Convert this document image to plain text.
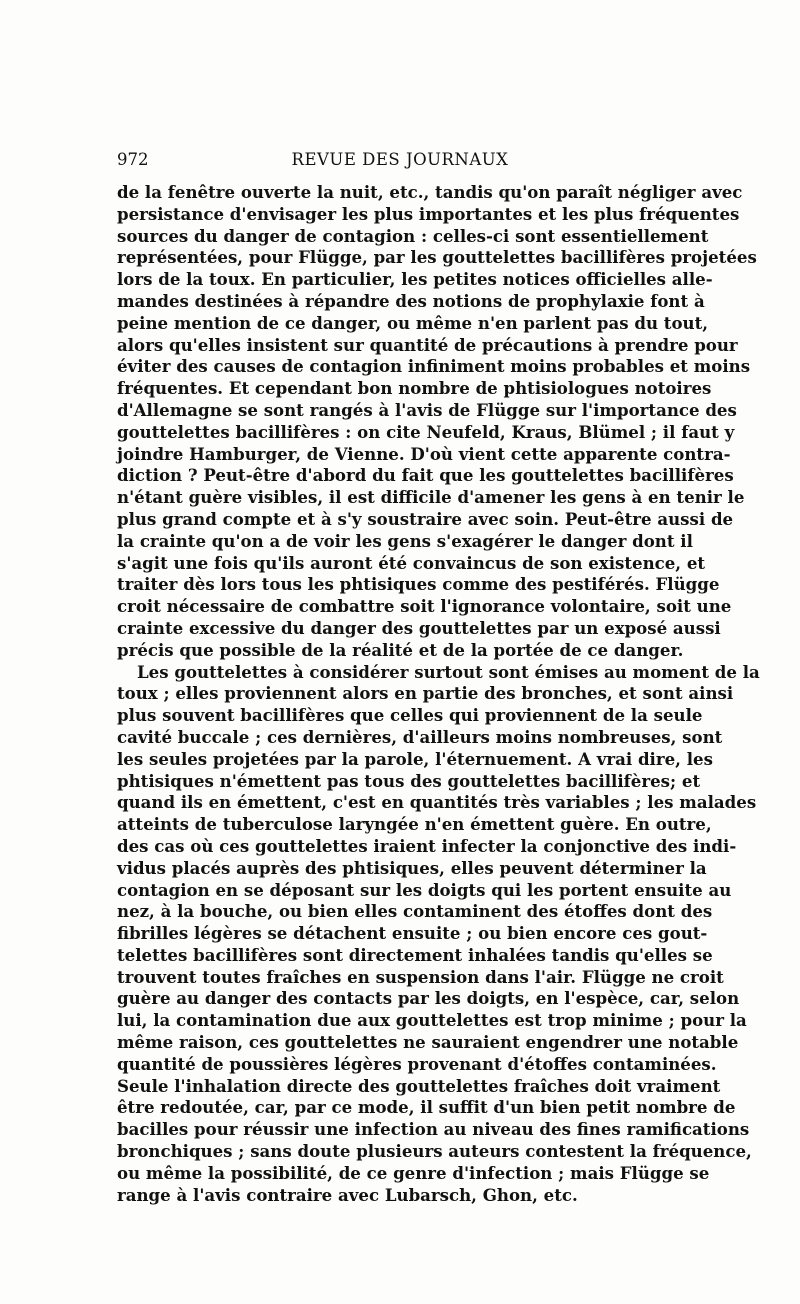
972	REVUE DES JOURNAUX
de la fenêtre ouverte la nuit, etc., tandis qu'on paraît négliger avec
persistance d'envisager les plus importantes et les plus fréquentes
sources du danger de contagion : celles-ci sont essentiellement
représentées, pour Flügge, par les gouttelettes bacillifères projetées
lors de la toux. En particulier, les petites notices officielles alle-
mandes destinées à répandre des notions de prophylaxie font à
peine mention de ce danger, ou même n'en parlent pas du tout,
alors qu'elles insistent sur quantité de précautions à prendre pour
éviter des causes de contagion infiniment moins probables et moins
fréquentes. Et cependant bon nombre de phtisiologues notoires
d'Allemagne se sont rangés à l'avis de Flügge sur l'importance des
gouttelettes bacillifères : on cite Neufeld, Kraus, Blümel ; il faut y
joindre Hamburger, de Vienne. D'où vient cette apparente contra-
diction ? Peut-être d'abord du fait que les gouttelettes bacillifères
n'étant guère visibles, il est difficile d'amener les gens à en tenir le
plus grand compte et à s'y soustraire avec soin. Peut-être aussi de
la crainte qu'on a de voir les gens s'exagérer le danger dont il
s'agit une fois qu'ils auront été convaincus de son existence, et
traiter dès lors tous les phtisiques comme des pestiférés. Flügge
croit nécessaire de combattre soit l'ignorance volontaire, soit une
crainte excessive du danger des gouttelettes par un exposé aussi
précis que possible de la réalité et de la portée de ce danger.
Les gouttelettes à considérer surtout sont émises au moment de la
toux ; elles proviennent alors en partie des bronches, et sont ainsi
plus souvent bacillifères que celles qui proviennent de la seule
cavité buccale ; ces dernières, d'ailleurs moins nombreuses, sont
les seules projetées par la parole, l'éternuement. A vrai dire, les
phtisiques n'émettent pas tous des gouttelettes bacillifères; et
quand ils en émettent, c'est en quantités très variables ; les malades
atteints de tuberculose laryngée n'en émettent guère. En outre,
des cas où ces gouttelettes iraient infecter la conjonctive des indi-
vidus placés auprès des phtisiques, elles peuvent déterminer la
contagion en se déposant sur les doigts qui les portent ensuite au
nez, à la bouche, ou bien elles contaminent des étoffes dont des
fibrilles légères se détachent ensuite ; ou bien encore ces gout-
telettes bacillifères sont directement inhalées tandis qu'elles se
trouvent toutes fraîches en suspension dans l'air. Flügge ne croit
guère au danger des contacts par les doigts, en l'espèce, car, selon
lui, la contamination due aux gouttelettes est trop minime ; pour la
même raison, ces gouttelettes ne sauraient engendrer une notable
quantité de poussières légères provenant d'étoffes contaminées.
Seule l'inhalation directe des gouttelettes fraîches doit vraiment
être redoutée, car, par ce mode, il suffit d'un bien petit nombre de
bacilles pour réussir une infection au niveau des fines ramifications
bronchiques ; sans doute plusieurs auteurs contestent la fréquence,
ou même la possibilité, de ce genre d'infection ; mais Flügge se
range à l'avis contraire avec Lubarsch, Ghon, etc.
